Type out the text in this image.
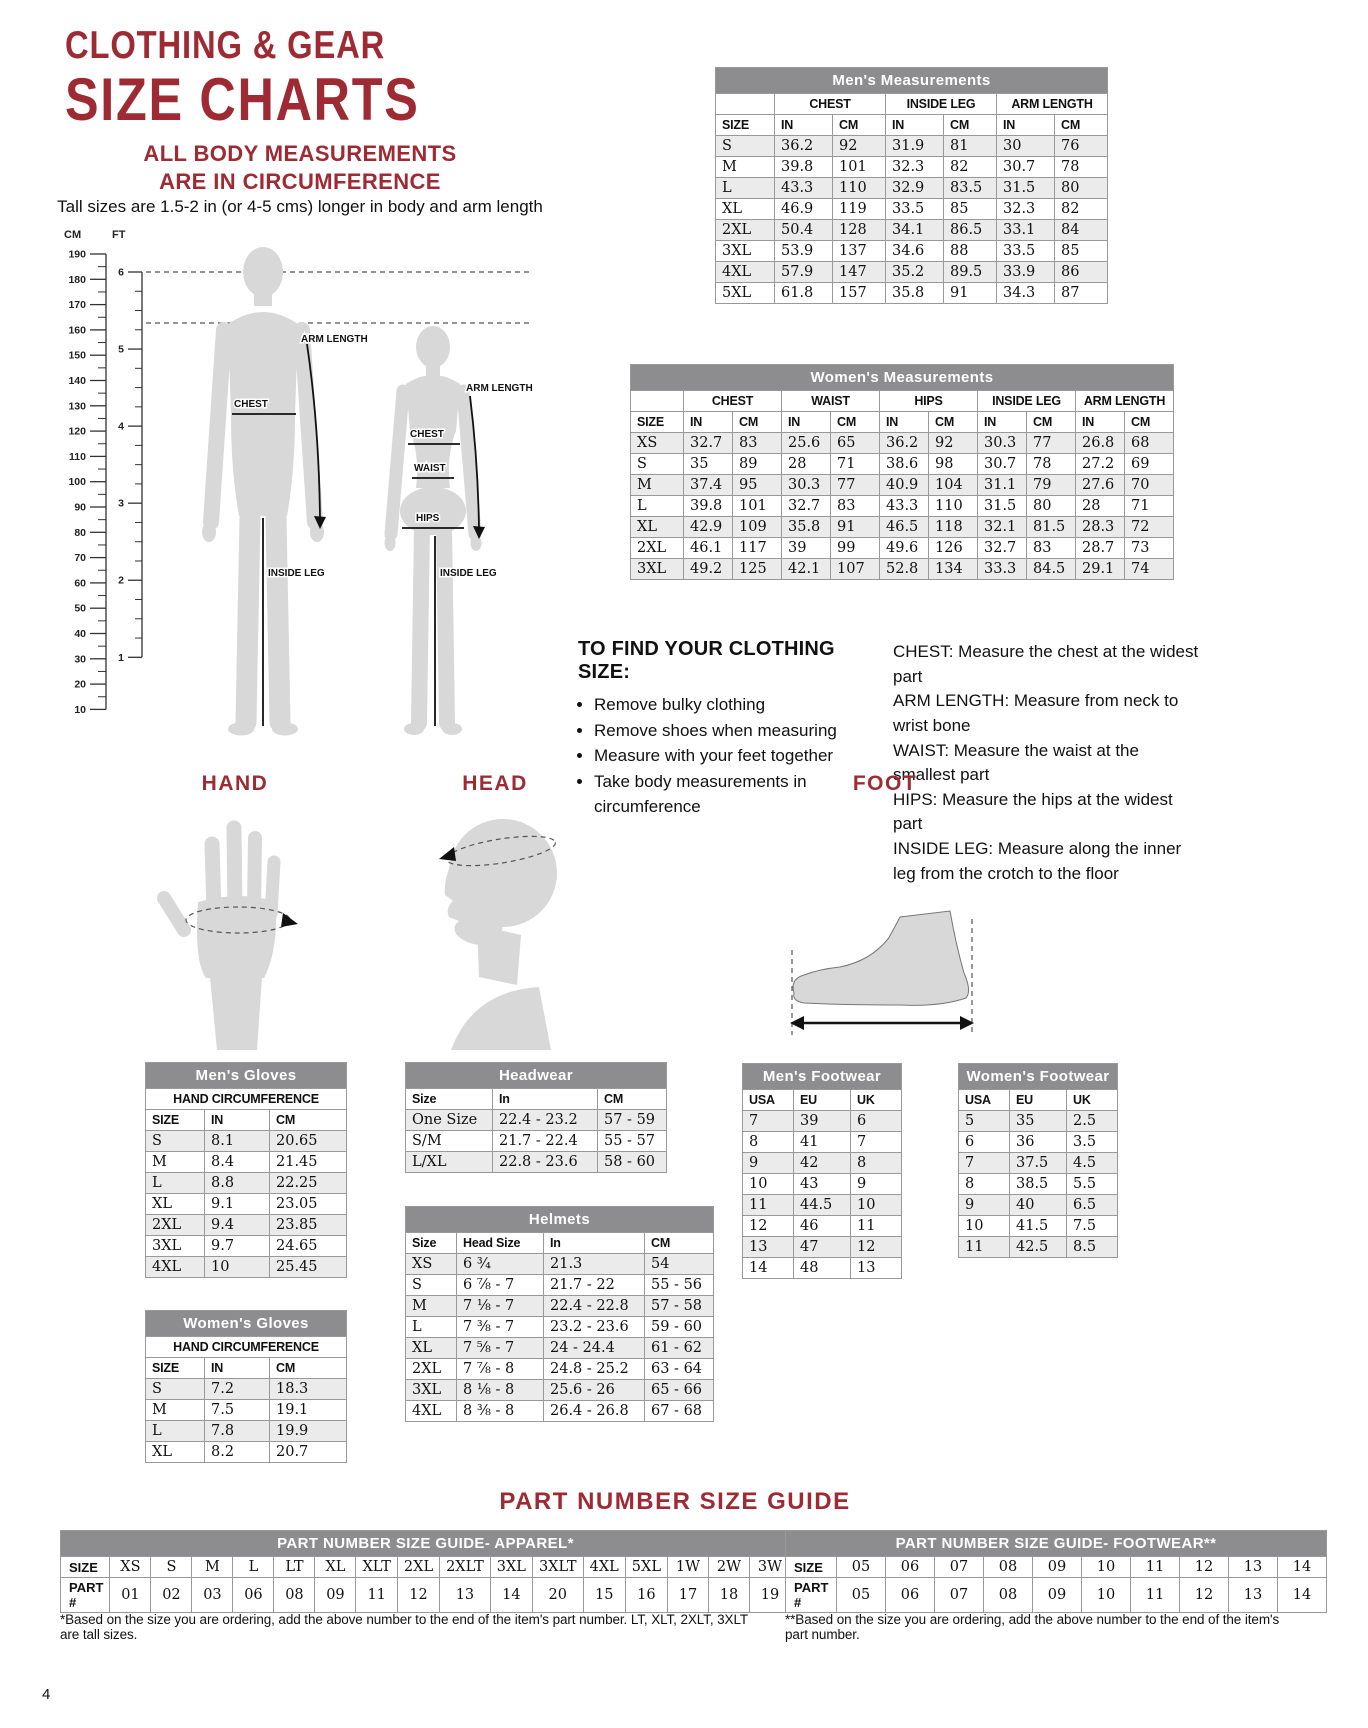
CLOTHING & GEAR
SIZE CHARTS
ALL BODY MEASUREMENTS
ARE IN CIRCUMFERENCE
Tall sizes are 1.5-2 in (or 4-5 cms) longer in body and arm length
CM	FT
190
180
170
160
150
140
130
120
110
100
90
80
70
60
50
40
30
20
10
6
5
4
3
2
1
ARM LENGTH
CHEST
INSIDE LEG
ARM LENGTH
CHEST
WAIST
HIPS
INSIDE LEG
Men's Measurements						
	CHEST		INSIDE LEG		ARM LENGTH	
SIZE	IN	CM	IN	CM	IN	CM
S	36.2	92	31.9	81	30	76
M	39.8	101	32.3	82	30.7	78
L	43.3	110	32.9	83.5	31.5	80
XL	46.9	119	33.5	85	32.3	82
2XL	50.4	128	34.1	86.5	33.1	84
3XL	53.9	137	34.6	88	33.5	85
4XL	57.9	147	35.2	89.5	33.9	86
5XL	61.8	157	35.8	91	34.3	87
Women's Measurements										
	CHEST		WAIST		HIPS		INSIDE LEG		ARM LENGTH	
SIZE	IN	CM	IN	CM	IN	CM	IN	CM	IN	CM
XS	32.7	83	25.6	65	36.2	92	30.3	77	26.8	68
S	35	89	28	71	38.6	98	30.7	78	27.2	69
M	37.4	95	30.3	77	40.9	104	31.1	79	27.6	70
L	39.8	101	32.7	83	43.3	110	31.5	80	28	71
XL	42.9	109	35.8	91	46.5	118	32.1	81.5	28.3	72
2XL	46.1	117	39	99	49.6	126	32.7	83	28.7	73
3XL	49.2	125	42.1	107	52.8	134	33.3	84.5	29.1	74
TO FIND YOUR CLOTHING SIZE:
• Remove bulky clothing
• Remove shoes when measuring
• Measure with your feet together
• Take body measurements in circumference
CHEST: Measure the chest at the widest part
ARM LENGTH: Measure from neck to wrist bone
WAIST: Measure the waist at the smallest part
HIPS: Measure the hips at the widest part
INSIDE LEG: Measure along the inner leg from the crotch to the floor
HAND	HEAD	FOOT
Men's Gloves		
HAND CIRCUMFERENCE		
SIZE	IN	CM
S	8.1	20.65
M	8.4	21.45
L	8.8	22.25
XL	9.1	23.05
2XL	9.4	23.85
3XL	9.7	24.65
4XL	10	25.45
Women's Gloves		
HAND CIRCUMFERENCE		
SIZE	IN	CM
S	7.2	18.3
M	7.5	19.1
L	7.8	19.9
XL	8.2	20.7
Headwear		
Size	In	CM
One Size	22.4 - 23.2	57 - 59
S/M	21.7 - 22.4	55 - 57
L/XL	22.8 - 23.6	58 - 60
Helmets			
Size	Head Size	In	CM
XS	6 ¾	21.3	54
S	6 ⅞ - 7	21.7 - 22	55 - 56
M	7 ⅛ - 7	22.4 - 22.8	57 - 58
L	7 ⅜ - 7	23.2 - 23.6	59 - 60
XL	7 ⅝ - 7	24 - 24.4	61 - 62
2XL	7 ⅞ - 8	24.8 - 25.2	63 - 64
3XL	8 ⅛ - 8	25.6 - 26	65 - 66
4XL	8 ⅜ - 8	26.4 - 26.8	67 - 68
Men's Footwear		
USA	EU	UK
7	39	6
8	41	7
9	42	8
10	43	9
11	44.5	10
12	46	11
13	47	12
14	48	13
Women's Footwear		
USA	EU	UK
5	35	2.5
6	36	3.5
7	37.5	4.5
8	38.5	5.5
9	40	6.5
10	41.5	7.5
11	42.5	8.5
PART NUMBER SIZE GUIDE
PART NUMBER SIZE GUIDE- APPAREL*																
SIZE	XS	S	M	L	LT	XL	XLT	2XL	2XLT	3XL	3XLT	4XL	5XL	1W	2W	3W
PART #	01	02	03	06	08	09	11	12	13	14	20	15	16	17	18	19
PART NUMBER SIZE GUIDE- FOOTWEAR**										
SIZE	05	06	07	08	09	10	11	12	13	14
PART #	05	06	07	08	09	10	11	12	13	14
*Based on the size you are ordering, add the above number to the end of the item's part number. LT, XLT, 2XLT, 3XLT are tall sizes.
**Based on the size you are ordering, add the above number to the end of the item's part number.
4
